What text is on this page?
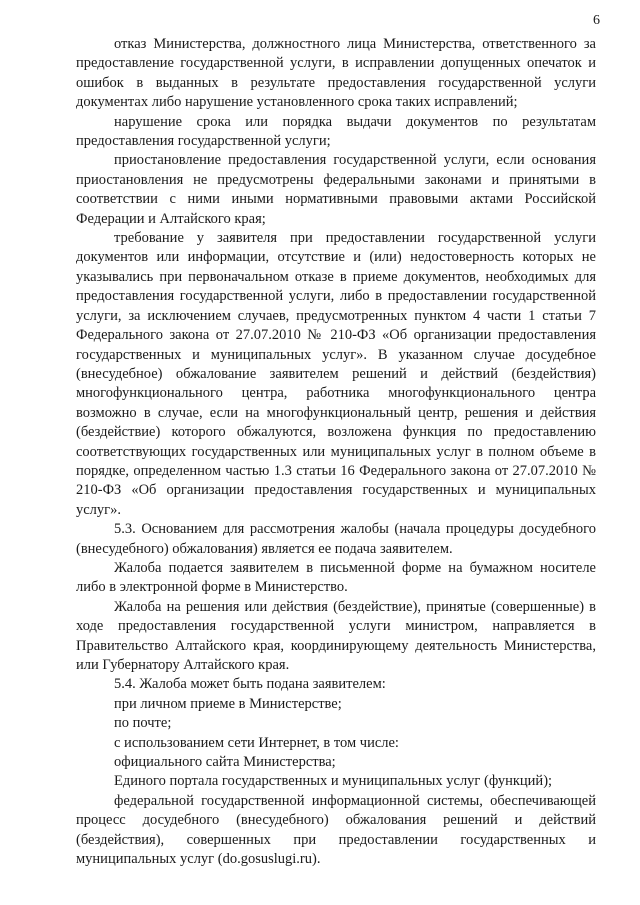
6

отказ Министерства, должностного лица Министерства, ответственного за предоставление государственной услуги, в исправлении допущенных опечаток и ошибок в выданных в результате предоставления государственной услуги документах либо нарушение установленного срока таких исправлений;

нарушение срока или порядка выдачи документов по результатам предоставления государственной услуги;

приостановление предоставления государственной услуги, если основания приостановления не предусмотрены федеральными законами и принятыми в соответствии с ними иными нормативными правовыми актами Российской Федерации и Алтайского края;

требование у заявителя при предоставлении государственной услуги документов или информации, отсутствие и (или) недостоверность которых не указывались при первоначальном отказе в приеме документов, необходимых для предоставления государственной услуги, либо в предоставлении государственной услуги, за исключением случаев, предусмотренных пунктом 4 части 1 статьи 7 Федерального закона от 27.07.2010 № 210-ФЗ «Об организации предоставления государственных и муниципальных услуг». В указанном случае досудебное (внесудебное) обжалование заявителем решений и действий (бездействия) многофункционального центра, работника многофункционального центра возможно в случае, если на многофункциональный центр, решения и действия (бездействие) которого обжалуются, возложена функция по предоставлению соответствующих государственных или муниципальных услуг в полном объеме в порядке, определенном частью 1.3 статьи 16 Федерального закона от 27.07.2010 № 210-ФЗ «Об организации предоставления государственных и муниципальных услуг».

5.3. Основанием для рассмотрения жалобы (начала процедуры досудебного (внесудебного) обжалования) является ее подача заявителем.

Жалоба подается заявителем в письменной форме на бумажном носителе либо в электронной форме в Министерство.

Жалоба на решения или действия (бездействие), принятые (совершенные) в ходе предоставления государственной услуги министром, направляется в Правительство Алтайского края, координирующему деятельность Министерства, или Губернатору Алтайского края.

5.4. Жалоба может быть подана заявителем:

при личном приеме в Министерстве;

по почте;

с использованием сети Интернет, в том числе:

официального сайта Министерства;

Единого портала государственных и муниципальных услуг (функций);

федеральной государственной информационной системы, обеспечивающей процесс досудебного (внесудебного) обжалования решений и действий (бездействия), совершенных при предоставлении государственных и муниципальных услуг (do.gosuslugi.ru).
